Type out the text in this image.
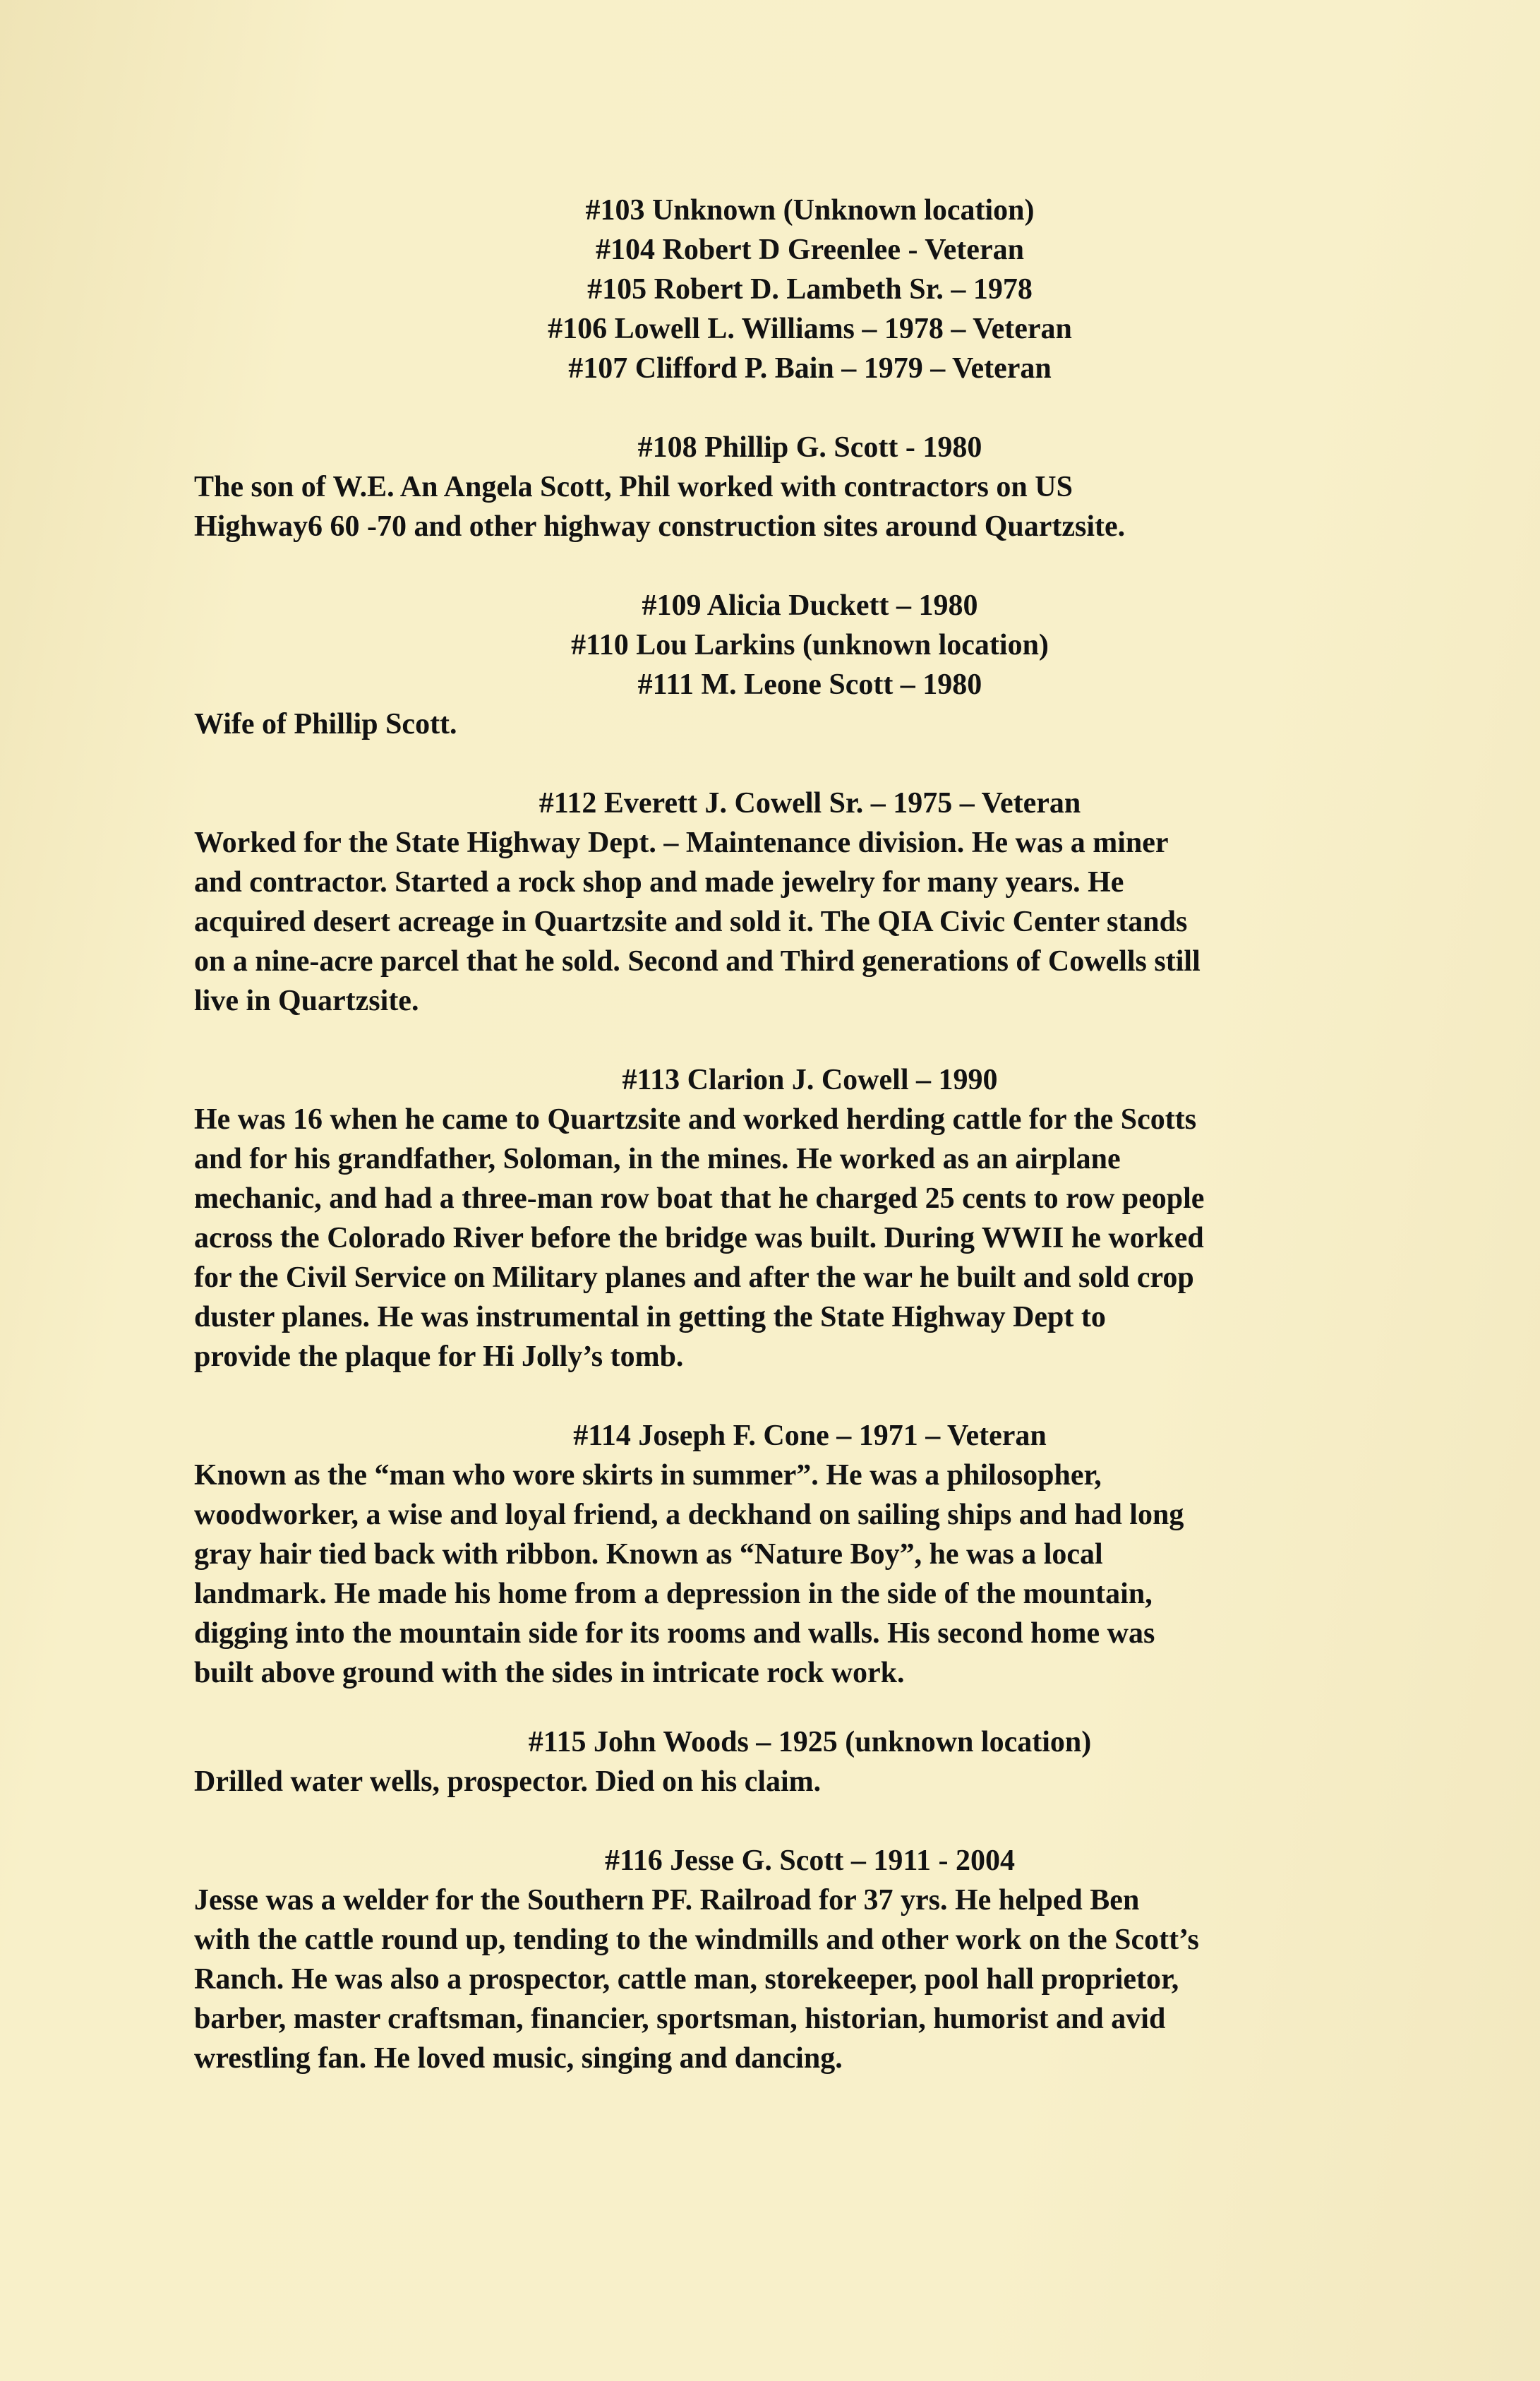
#103 Unknown (Unknown location)

#104 Robert D Greenlee - Veteran

#105 Robert D. Lambeth Sr. – 1978

#106 Lowell L. Williams – 1978 – Veteran

#107 Clifford P. Bain – 1979 – Veteran

#108 Phillip G. Scott - 1980

The son of W.E. An Angela Scott, Phil worked with contractors on US

Highway6 60 -70 and other highway construction sites around Quartzsite.

#109 Alicia Duckett – 1980

#110 Lou Larkins (unknown location)

#111 M. Leone Scott – 1980

Wife of Phillip Scott.

#112 Everett J. Cowell Sr. – 1975 – Veteran

Worked for the State Highway Dept. – Maintenance division. He was a miner

and contractor. Started a rock shop and made jewelry for many years. He

acquired desert acreage in Quartzsite and sold it. The QIA Civic Center stands

on a nine-acre parcel that he sold. Second and Third generations of Cowells still

live in Quartzsite.

#113 Clarion J. Cowell – 1990

He was 16 when he came to Quartzsite and worked herding cattle for the Scotts

and for his grandfather, Soloman, in the mines. He worked as an airplane

mechanic, and had a three-man row boat that he charged 25 cents to row people

across the Colorado River before the bridge was built. During WWII he worked

for the Civil Service on Military planes and after the war he built and sold crop

duster planes. He was instrumental in getting the State Highway Dept to

provide the plaque for Hi Jolly’s tomb.

#114 Joseph F. Cone – 1971 – Veteran

Known as the “man who wore skirts in summer”. He was a philosopher,

woodworker, a wise and loyal friend, a deckhand on sailing ships and had long

gray hair tied back with ribbon. Known as “Nature Boy”, he was a local

landmark. He made his home from a depression in the side of the mountain,

digging into the mountain side for its rooms and walls. His second home was

built above ground with the sides in intricate rock work.

#115 John Woods – 1925 (unknown location)

Drilled water wells, prospector. Died on his claim.

#116 Jesse G. Scott – 1911 - 2004

Jesse was a welder for the Southern PF. Railroad for 37 yrs. He helped Ben

with the cattle round up, tending to the windmills and other work on the Scott’s

Ranch. He was also a prospector, cattle man, storekeeper, pool hall proprietor,

barber, master craftsman, financier, sportsman, historian, humorist and avid

wrestling fan. He loved music, singing and dancing.
